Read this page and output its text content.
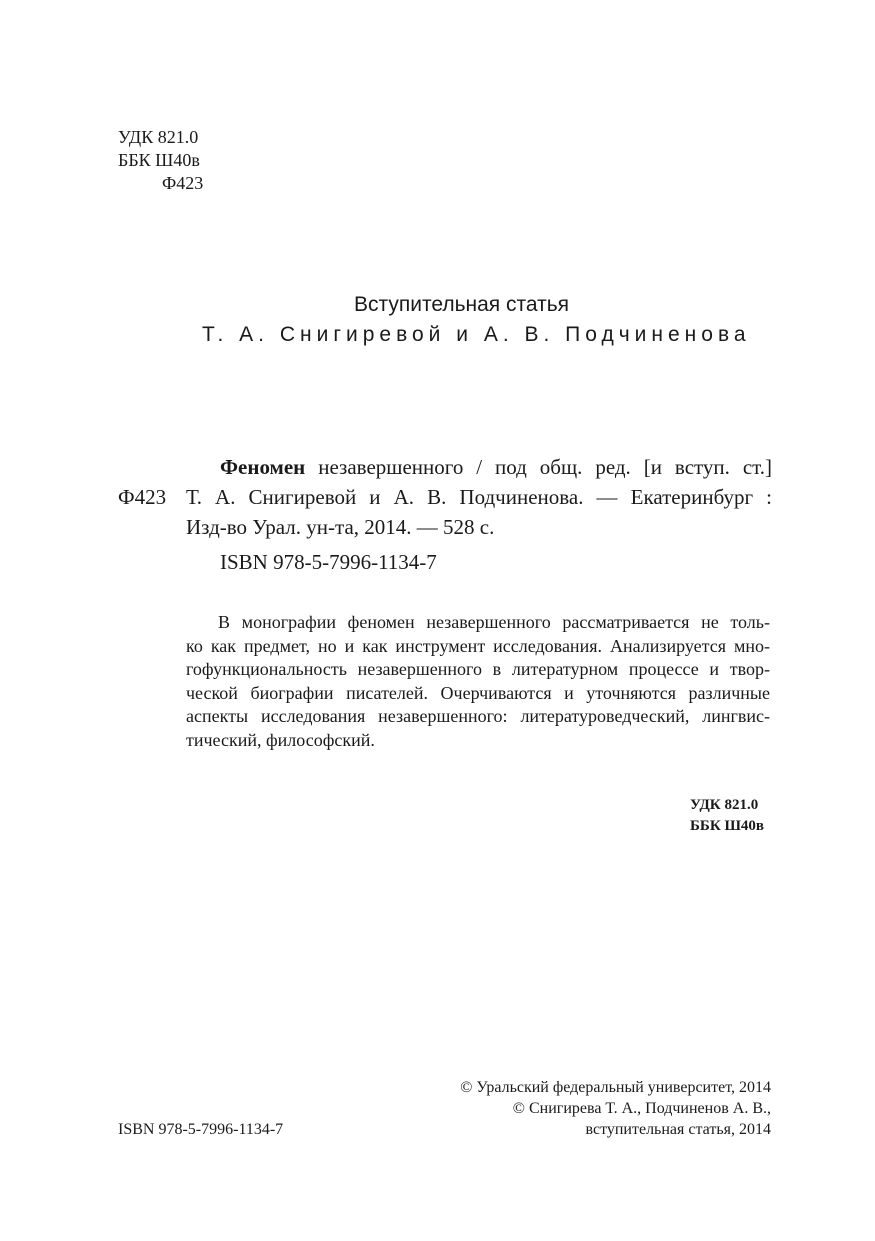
УДК 821.0
ББК Ш40в
Ф423
Вступительная статья
Т. А. Снигиревой и А. В. Подчиненова
Феномен незавершенного / под общ. ред. [и вступ. ст.]
Ф423 Т. А. Снигиревой и А. В. Подчиненова. — Екатеринбург :
Изд-во Урал. ун-та, 2014. — 528 с.
ISBN 978-5-7996-1134-7
В монографии феномен незавершенного рассматривается не толь-
ко как предмет, но и как инструмент исследования. Анализируется мно-
гофункциональность незавершенного в литературном процессе и твор-
ческой биографии писателей. Очерчиваются и уточняются различные
аспекты исследования незавершенного: литературоведческий, лингвис-
тический, философский.
УДК 821.0
ББК Ш40в
© Уральский федеральный университет, 2014
© Снигирева Т. А., Подчиненов А. В.,
вступительная статья, 2014
ISBN 978-5-7996-1134-7
